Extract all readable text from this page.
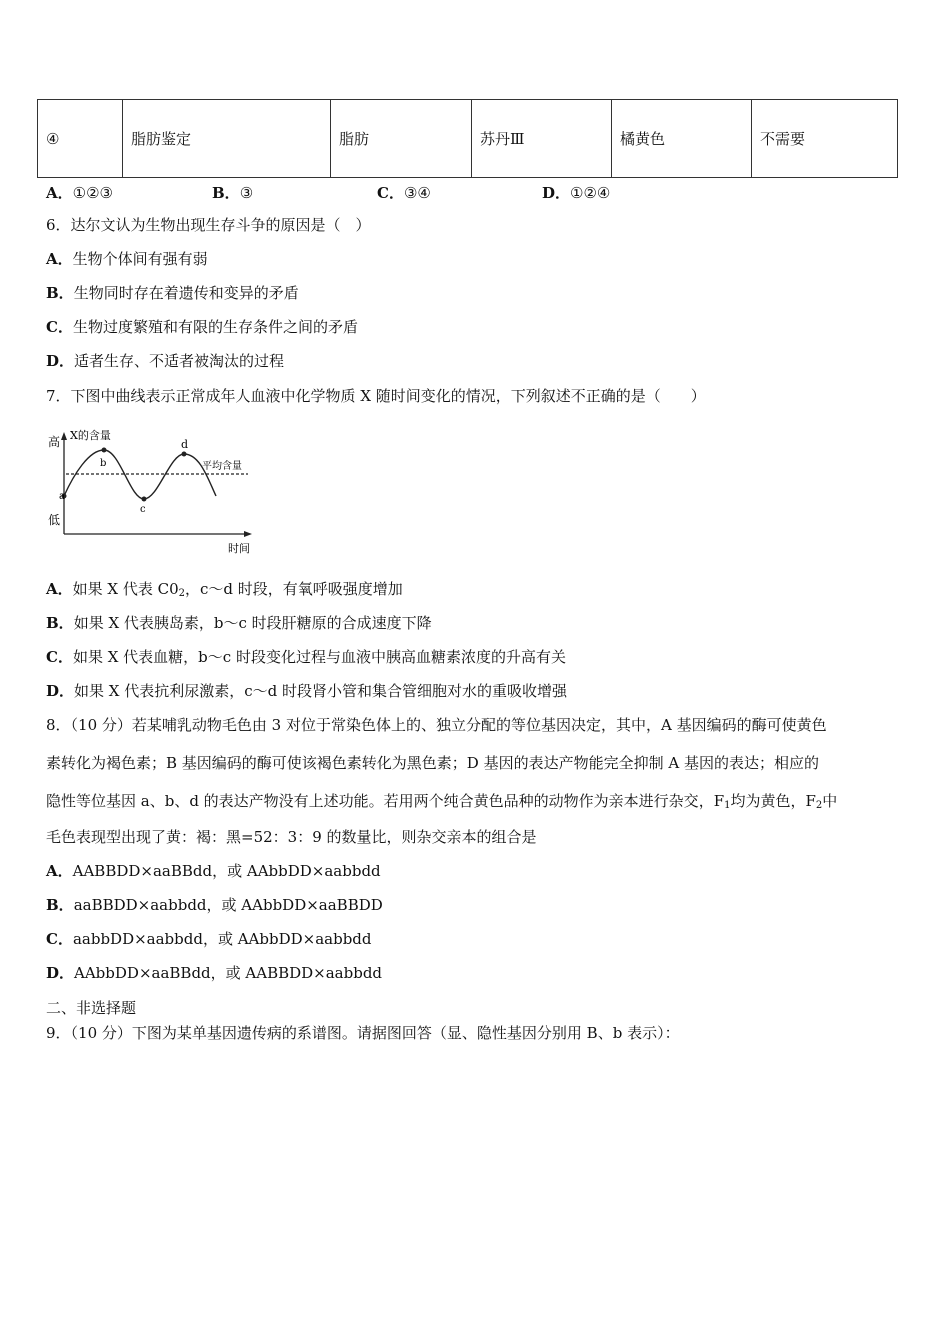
④	脂肪鉴定	脂肪	苏丹Ⅲ	橘黄色	不需要
A．①②③	B．③	C．③④	D．①②④
6．达尔文认为生物出现生存斗争的原因是（　）
A．生物个体间有强有弱
B．生物同时存在着遗传和变异的矛盾
C．生物过度繁殖和有限的生存条件之间的矛盾
D．适者生存、不适者被淘汰的过程
7．下图中曲线表示正常成年人血液中化学物质 X 随时间变化的情况，下列叙述不正确的是（　　）
X的含量
高
低
时间
平均含量
a
b
c
d
A．如果 X 代表 $C0_2$，c～d 时段，有氧呼吸强度增加
B．如果 X 代表胰岛素，b～c 时段肝糖原的合成速度下降
C．如果 X 代表血糖，b～c 时段变化过程与血液中胰高血糖素浓度的升高有关
D．如果 X 代表抗利尿激素，c～d 时段肾小管和集合管细胞对水的重吸收增强
8．（10 分）若某哺乳动物毛色由 3 对位于常染色体上的、独立分配的等位基因决定，其中，A 基因编码的酶可使黄色
素转化为褐色素；B 基因编码的酶可使该褐色素转化为黑色素；D 基因的表达产物能完全抑制 A 基因的表达；相应的
隐性等位基因 a、b、d 的表达产物没有上述功能。若用两个纯合黄色品种的动物作为亲本进行杂交，$F_1$均为黄色，$F_2$中
毛色表现型出现了黄：褐：黑=52：3：9 的数量比，则杂交亲本的组合是
A．AABBDD×aaBBdd，或 AAbbDD×aabbdd
B．aaBBDD×aabbdd，或 AAbbDD×aaBBDD
C．aabbDD×aabbdd，或 AAbbDD×aabbdd
D．AAbbDD×aaBBdd，或 AABBDD×aabbdd
二、非选择题
9．（10 分）下图为某单基因遗传病的系谱图。请据图回答（显、隐性基因分别用 B、b 表示）：
